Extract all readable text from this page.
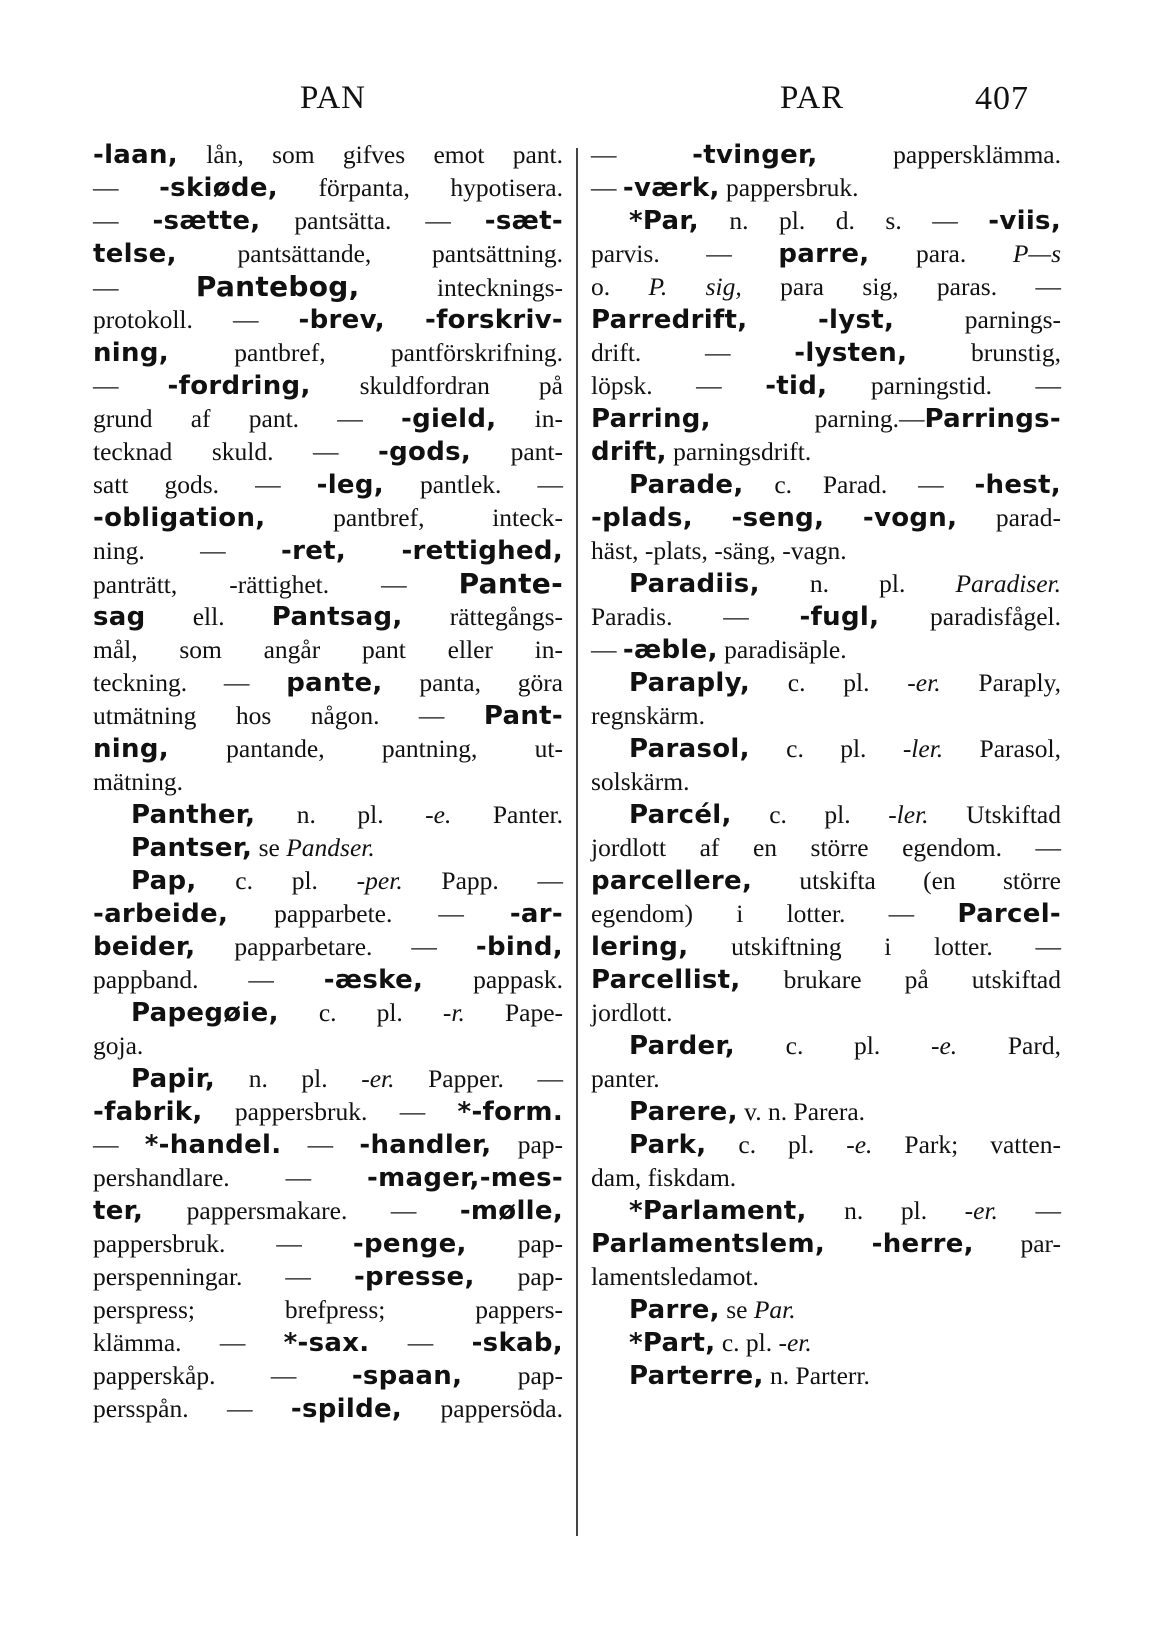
PAN	PAR	407
-laan, lån, som gifves emot pant.
— -skiøde, förpanta, hypotisera.
— -sætte, pantsätta. — -sæt-
telse, pantsättande, pantsättning.
— Pantebog, intecknings-
protokoll. — -brev, -forskriv-
ning, pantbref, pantförskrifning.
— -fordring, skuldfordran på
grund af pant. — -gield, in-
tecknad skuld. — -gods, pant-
satt gods. — -leg, pantlek. —
-obligation, pantbref, inteck-
ning. — -ret, -rettighed,
panträtt, -rättighet. — Pante-
sag ell. Pantsag, rättegångs-
mål, som angår pant eller in-
teckning. — pante, panta, göra
utmätning hos någon. — Pant-
ning, pantande, pantning, ut-
mätning.
Panther, n. pl. -e. Panter.
Pantser, se Pandser.
Pap, c. pl. -per. Papp. —
-arbeide, papparbete. — -ar-
beider, papparbetare. — -bind,
pappband. — -æske, pappask.
Papegøie, c. pl. -r. Pape-
goja.
Papir, n. pl. -er. Papper. —
-fabrik, pappersbruk. — *-form.
— *-handel. — -handler, pap-
pershandlare. — -mager,-mes-
ter, pappersmakare. — -mølle,
pappersbruk. — -penge, pap-
perspenningar. — -presse, pap-
perspress; brefpress; pappers-
klämma. — *-sax. — -skab,
papperskåp. — -spaan, pap-
persspån. — -spilde, pappersöda.
— -tvinger, pappersklämma.
— -værk, pappersbruk.
*Par, n. pl. d. s. — -viis,
parvis. — parre, para. P—s
o. P. sig, para sig, paras. —
Parredrift,	-lyst, parnings-
drift. — -lysten, brunstig,
löpsk. — -tid, parningstid. —
Parring, parning.—Parrings-
drift, parningsdrift.
Parade, c. Parad. — -hest,
-plads, -seng, -vogn, parad-
häst, -plats, -säng, -vagn.
Paradiis, n. pl. Paradiser.
Paradis. — -fugl, paradisfågel.
— -æble, paradisäple.
Paraply, c. pl. -er. Paraply,
regnskärm.
Parasol, c. pl. -ler. Parasol,
solskärm.
Parcél, c. pl. -ler. Utskiftad
jordlott af en större egendom. —
parcellere, utskifta (en större
egendom) i lotter. — Parcel-
lering, utskiftning i lotter. —
Parcellist, brukare på utskiftad
jordlott.
Parder, c. pl. -e. Pard,
panter.
Parere, v. n. Parera.
Park, c. pl. -e. Park; vatten-
dam, fiskdam.
*Parlament, n. pl. -er. —
Parlamentslem, -herre, par-
lamentsledamot.
Parre, se Par.
*Part, c. pl. -er.
Parterre, n. Parterr.
